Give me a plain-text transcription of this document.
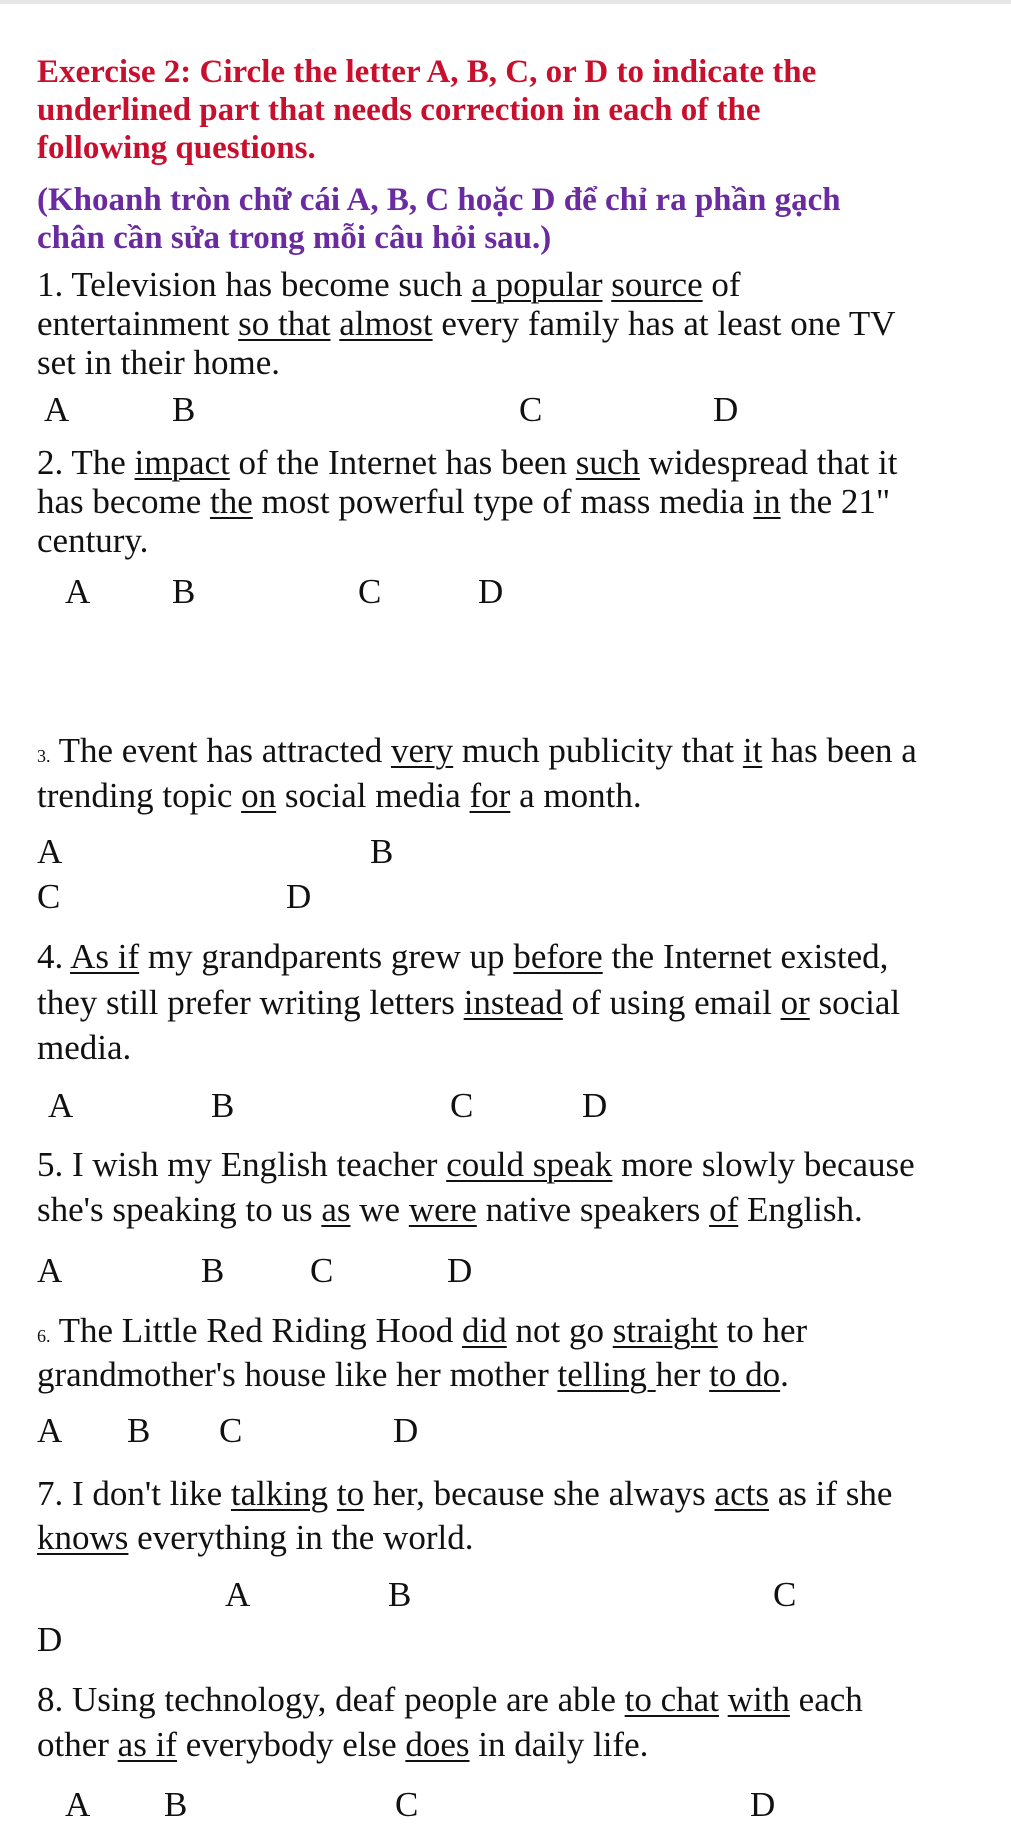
Exercise 2: Circle the letter A, B, C, or D to indicate the
underlined part that needs correction in each of the
following questions.
(Khoanh tròn chữ cái A, B, C hoặc D để chỉ ra phần gạch
chân cần sửa trong mỗi câu hỏi sau.)
1. Television has become such a popular source of
entertainment so that almost every family has at least one TV
set in their home.
A	B	C	D
2. The impact of the Internet has been such widespread that it
has become the most powerful type of mass media in the 21"
century.
A B	C	D
3. The event has attracted very much publicity that it has been a
trending topic on social media for a month.
A	B
C	D
4. As if my grandparents grew up before the Internet existed,
they still prefer writing letters instead of using email or social
media.
A	B	C	D
5. I wish my English teacher could speak more slowly because
she's speaking to us as we were native speakers of English.
A	B C	D
6. The Little Red Riding Hood did not go straight to her
grandmother's house like her mother telling her to do.
A B C	D
7. I don't like talking to her, because she always acts as if she
knows everything in the world.
A	B	C
D
8. Using technology, deaf people are able to chat with each
other as if everybody else does in daily life.
A B	C	D
